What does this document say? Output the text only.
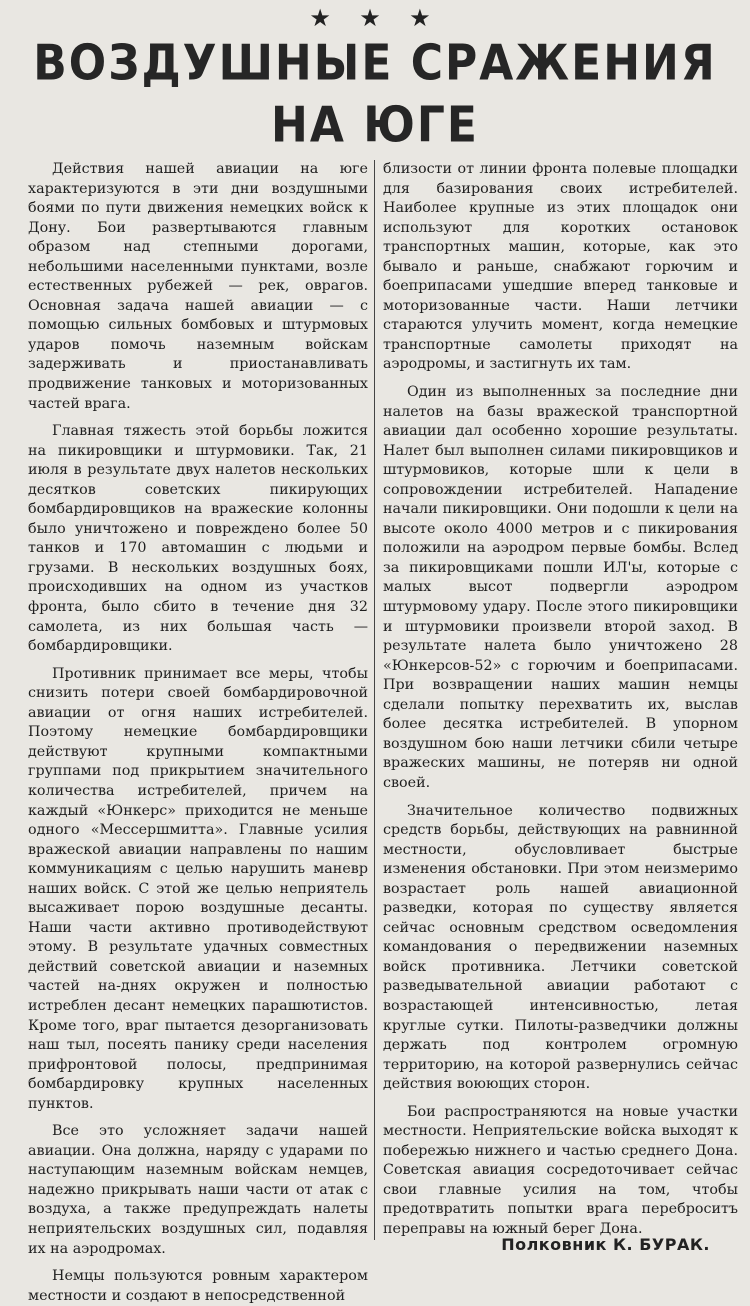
★ ★ ★
ВОЗДУШНЫЕ СРАЖЕНИЯ
НА ЮГЕ

Действия нашей авиации на юге характеризуются в эти дни воздушными боями по пути движения немецких войск к Дону. Бои развертываются главным образом над степными дорогами, небольшими населенными пунктами, возле естественных рубежей — рек, оврагов. Основная задача нашей авиации — с помощью сильных бомбовых и штурмовых ударов помочь наземным войскам задерживать и приостанавливать продвижение танковых и моторизованных частей врага.

Главная тяжесть этой борьбы ложится на пикировщики и штурмовики. Так, 21 июля в результате двух налетов нескольких десятков советских пикирующих бомбардировщиков на вражеские колонны было уничтожено и повреждено более 50 танков и 170 автомашин с людьми и грузами. В нескольких воздушных боях, происходивших на одном из участков фронта, было сбито в течение дня 32 самолета, из них большая часть — бомбардировщики.

Противник принимает все меры, чтобы снизить потери своей бомбардировочной авиации от огня наших истребителей. Поэтому немецкие бомбардировщики действуют крупными компактными группами под прикрытием значительного количества истребителей, причем на каждый «Юнкерс» приходится не меньше одного «Мессершмитта». Главные усилия вражеской авиации направлены по нашим коммуникациям с целью нарушить маневр наших войск. С этой же целью неприятель высаживает порою воздушные десанты. Наши части активно противодействуют этому. В результате удачных совместных действий советской авиации и наземных частей на-днях окружен и полностью истреблен десант немецких парашютистов. Кроме того, враг пытается дезорганизовать наш тыл, посеять панику среди населения прифронтовой полосы, предпринимая бомбардировку крупных населенных пунктов.

Все это усложняет задачи нашей авиации. Она должна, наряду с ударами по наступающим наземным войскам немцев, надежно прикрывать наши части от атак с воздуха, а также предупреждать налеты неприятельских воздушных сил, подавляя их на аэродромах.

Немцы пользуются ровным характером местности и создают в непосредственной

близости от линии фронта полевые площадки для базирования своих истребителей. Наиболее крупные из этих площадок они используют для коротких остановок транспортных машин, которые, как это бывало и раньше, снабжают горючим и боеприпасами ушедшие вперед танковые и моторизованные части. Наши летчики стараются улучить момент, когда немецкие транспортные самолеты приходят на аэродромы, и застигнуть их там.

Один из выполненных за последние дни налетов на базы вражеской транспортной авиации дал особенно хорошие результаты. Налет был выполнен силами пикировщиков и штурмовиков, которые шли к цели в сопровождении истребителей. Нападение начали пикировщики. Они подошли к цели на высоте около 4000 метров и с пикирования положили на аэродром первые бомбы. Вслед за пикировщиками пошли ИЛ'ы, которые с малых высот подвергли аэродром штурмовому удару. После этого пикировщики и штурмовики произвели второй заход. В результате налета было уничтожено 28 «Юнкерсов-52» с горючим и боеприпасами. При возвращении наших машин немцы сделали попытку перехватить их, выслав более десятка истребителей. В упорном воздушном бою наши летчики сбили четыре вражеских машины, не потеряв ни одной своей.

Значительное количество подвижных средств борьбы, действующих на равнинной местности, обусловливает быстрые изменения обстановки. При этом неизмеримо возрастает роль нашей авиационной разведки, которая по существу является сейчас основным средством осведомления командования о передвижении наземных войск противника. Летчики советской разведывательной авиации работают с возрастающей интенсивностью, летая круглые сутки. Пилоты-разведчики должны держать под контролем огромную территорию, на которой развернулись сейчас действия воюющих сторон.

Бои распространяются на новые участки местности. Неприятельские войска выходят к побережью нижнего и частью среднего Дона. Советская авиация сосредоточивает сейчас свои главные усилия на том, чтобы предотвратить попытки врага переброситъ переправы на южный берег Дона.

Полковник К. БУРАК.
